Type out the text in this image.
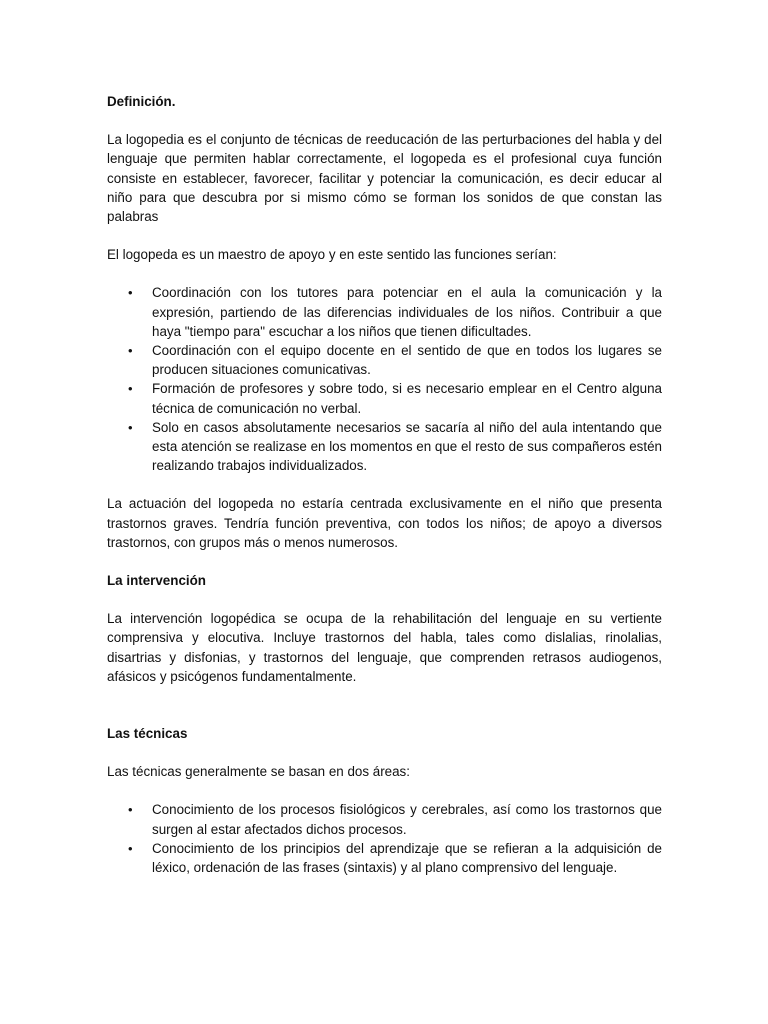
Definición.

La logopedia es el conjunto de técnicas de reeducación de las perturbaciones del habla y del lenguaje que permiten hablar correctamente, el logopeda es el profesional cuya función consiste en establecer, favorecer, facilitar y potenciar la comunicación, es decir educar al niño para que descubra por si mismo cómo se forman los sonidos de que constan las palabras

El logopeda es un maestro de apoyo y en este sentido las funciones serían:

• Coordinación con los tutores para potenciar en el aula la comunicación y la expresión, partiendo de las diferencias individuales de los niños. Contribuir a que haya "tiempo para" escuchar a los niños que tienen dificultades.
• Coordinación con el equipo docente en el sentido de que en todos los lugares se producen situaciones comunicativas.
• Formación de profesores y sobre todo, si es necesario emplear en el Centro alguna técnica de comunicación no verbal.
• Solo en casos absolutamente necesarios se sacaría al niño del aula intentando que esta atención se realizase en los momentos en que el resto de sus compañeros estén realizando trabajos individualizados.

La actuación del logopeda no estaría centrada exclusivamente en el niño que presenta trastornos graves. Tendría función preventiva, con todos los niños; de apoyo a diversos trastornos, con grupos más o menos numerosos.

La intervención

La intervención logopédica se ocupa de la rehabilitación del lenguaje en su vertiente comprensiva y elocutiva. Incluye trastornos del habla, tales como dislalias, rinolalias, disartrias y disfonias, y trastornos del lenguaje, que comprenden retrasos audiogenos, afásicos y psicógenos fundamentalmente.

Las técnicas

Las técnicas generalmente se basan en dos áreas:

• Conocimiento de los procesos fisiológicos y cerebrales, así como los trastornos que surgen al estar afectados dichos procesos.
• Conocimiento de los principios del aprendizaje que se refieran a la adquisición de léxico, ordenación de las frases (sintaxis) y al plano comprensivo del lenguaje.
